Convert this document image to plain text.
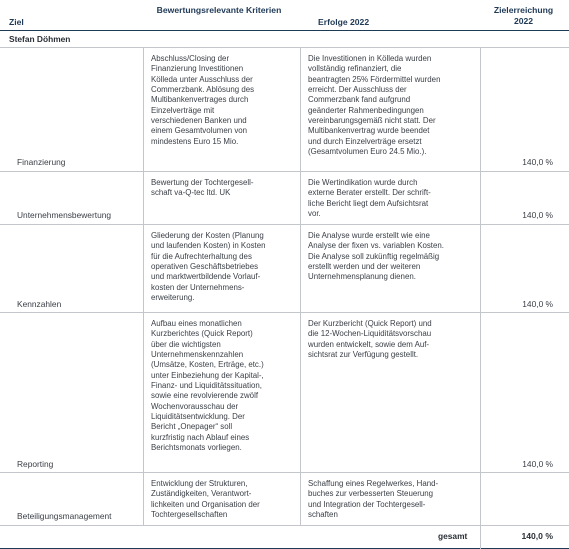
Ziel
Bewertungsrelevante Kriterien
Erfolge 2022
Zielerreichung 2022
Stefan Döhmen
Finanzierung
Abschluss/Closing der
Finanzierung Investitionen
Kölleda unter Ausschluss der
Commerzbank. Ablösung des
Multibankenvertrages durch
Einzelverträge mit
verschiedenen Banken und
einem Gesamtvolumen von
mindestens Euro 15 Mio.
Die Investitionen in Kölleda wurden
vollständig refinanziert, die
beantragten 25% Fördermittel wurden
erreicht. Der Ausschluss der
Commerzbank fand aufgrund
geänderter Rahmenbedingungen
vereinbarungsgemäß nicht statt. Der
Multibankenvertrag wurde beendet
und durch Einzelverträge ersetzt
(Gesamtvolumen Euro 24.5 Mio.).
140,0 %
Unternehmensbewertung
Bewertung der Tochtergesell-
schaft va-Q-tec ltd. UK
Die Wertindikation wurde durch
externe Berater erstellt. Der schrift-
liche Bericht liegt dem Aufsichtsrat
vor.	140,0 %
Kennzahlen
Gliederung der Kosten (Planung
und laufenden Kosten) in Kosten
für die Aufrechterhaltung des
operativen Geschäftsbetriebes
und marktwertbildende Vorlauf-
kosten der Unternehmens-
erweiterung.
Die Analyse wurde erstellt wie eine
Analyse der fixen vs. variablen Kosten.
Die Analyse soll zukünftig regelmäßig
erstellt werden und der weiteren
Unternehmensplanung dienen.
140,0 %
Reporting
Aufbau eines monatlichen
Kurzberichtes (Quick Report)
über die wichtigsten
Unternehmenskennzahlen
(Umsätze, Kosten, Erträge, etc.)
unter Einbeziehung der Kapital-,
Finanz- und Liquiditätssituation,
sowie eine revolvierende zwölf
Wochenvorausschau der
Liquiditätsentwicklung. Der
Bericht „Onepager“ soll
kurzfristig nach Ablauf eines
Berichtsmonats vorliegen.
Der Kurzbericht (Quick Report) und
die 12-Wochen-Liquiditätsvorschau
wurden entwickelt, sowie dem Auf-
sichtsrat zur Verfügung gestellt.
140,0 %
Beteiligungsmanagement
Entwicklung der Strukturen,
Zuständigkeiten, Verantwort-
lichkeiten und Organisation der
Tochtergesellschaften
Schaffung eines Regelwerkes, Hand-
buches zur verbesserten Steuerung
und Integration der Tochtergesell-
schaften
gesamt	140,0 %
